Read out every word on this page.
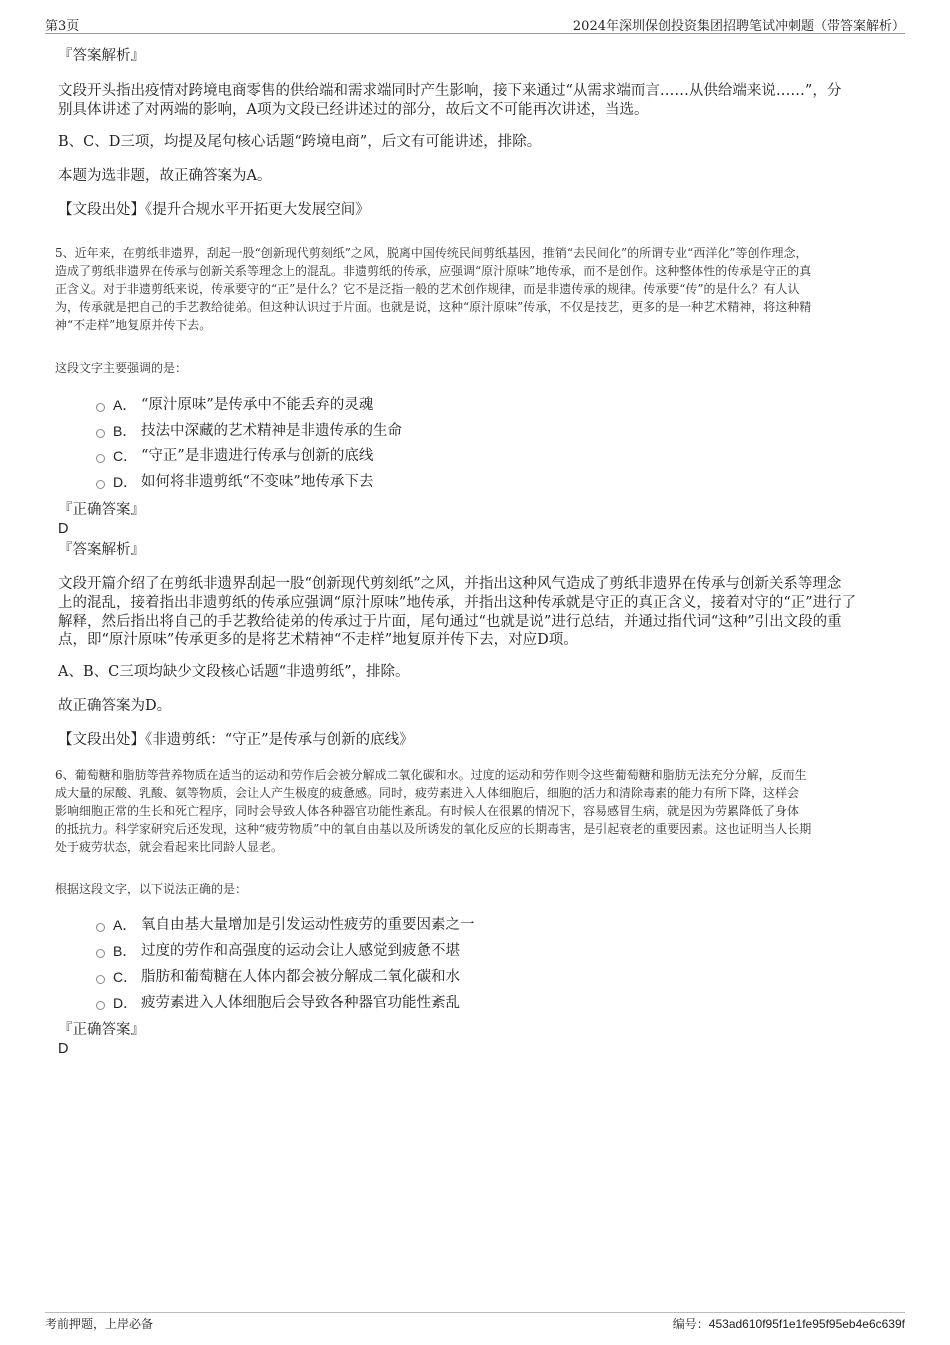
第3页	2024年深圳保创投资集团招聘笔试冲刺题（带答案解析）
『答案解析』
文段开头指出疫情对跨境电商零售的供给端和需求端同时产生影响，接下来通过“从需求端而言……从供给端来说……”，分
别具体讲述了对两端的影响，A项为文段已经讲述过的部分，故后文不可能再次讲述，当选。
B、C、D三项，均提及尾句核心话题“跨境电商”，后文有可能讲述，排除。
本题为选非题，故正确答案为A。
【文段出处】《提升合规水平开拓更大发展空间》
5、近年来，在剪纸非遗界，刮起一股“创新现代剪刻纸”之风，脱离中国传统民间剪纸基因，推销“去民间化”的所谓专业“西洋化”等创作理念，
造成了剪纸非遗界在传承与创新关系等理念上的混乱。非遗剪纸的传承，应强调“原汁原味”地传承，而不是创作。这种整体性的传承是守正的真
正含义。对于非遗剪纸来说，传承要守的“正”是什么？它不是泛指一般的艺术创作规律，而是非遗传承的规律。传承要“传”的是什么？有人认
为，传承就是把自己的手艺教给徒弟。但这种认识过于片面。也就是说，这种“原汁原味”传承，不仅是技艺，更多的是一种艺术精神，将这种精
神“不走样”地复原并传下去。
这段文字主要强调的是：
A． “原汁原味”是传承中不能丢弃的灵魂
B． 技法中深藏的艺术精神是非遗传承的生命
C． “守正”是非遗进行传承与创新的底线
D． 如何将非遗剪纸“不变味”地传承下去
『正确答案』
D
『答案解析』
文段开篇介绍了在剪纸非遗界刮起一股“创新现代剪刻纸”之风，并指出这种风气造成了剪纸非遗界在传承与创新关系等理念
上的混乱，接着指出非遗剪纸的传承应强调“原汁原味”地传承，并指出这种传承就是守正的真正含义，接着对守的“正”进行了
解释，然后指出将自己的手艺教给徒弟的传承过于片面，尾句通过“也就是说”进行总结，并通过指代词“这种”引出文段的重
点，即“原汁原味”传承更多的是将艺术精神“不走样”地复原并传下去，对应D项。
A、B、C三项均缺少文段核心话题“非遗剪纸”，排除。
故正确答案为D。
【文段出处】《非遗剪纸：“守正”是传承与创新的底线》
6、葡萄糖和脂肪等营养物质在适当的运动和劳作后会被分解成二氧化碳和水。过度的运动和劳作则令这些葡萄糖和脂肪无法充分分解，反而生
成大量的尿酸、乳酸、氨等物质，会让人产生极度的疲惫感。同时，疲劳素进入人体细胞后，细胞的活力和清除毒素的能力有所下降，这样会
影响细胞正常的生长和死亡程序，同时会导致人体各种器官功能性紊乱。有时候人在很累的情况下，容易感冒生病，就是因为劳累降低了身体
的抵抗力。科学家研究后还发现，这种“疲劳物质”中的氧自由基以及所诱发的氧化反应的长期毒害，是引起衰老的重要因素。这也证明当人长期
处于疲劳状态，就会看起来比同龄人显老。
根据这段文字，以下说法正确的是：
A． 氧自由基大量增加是引发运动性疲劳的重要因素之一
B． 过度的劳作和高强度的运动会让人感觉到疲惫不堪
C． 脂肪和葡萄糖在人体内都会被分解成二氧化碳和水
D． 疲劳素进入人体细胞后会导致各种器官功能性紊乱
『正确答案』
D
考前押题，上岸必备	编号：453ad610f95f1e1fe95f95eb4e6c639f
